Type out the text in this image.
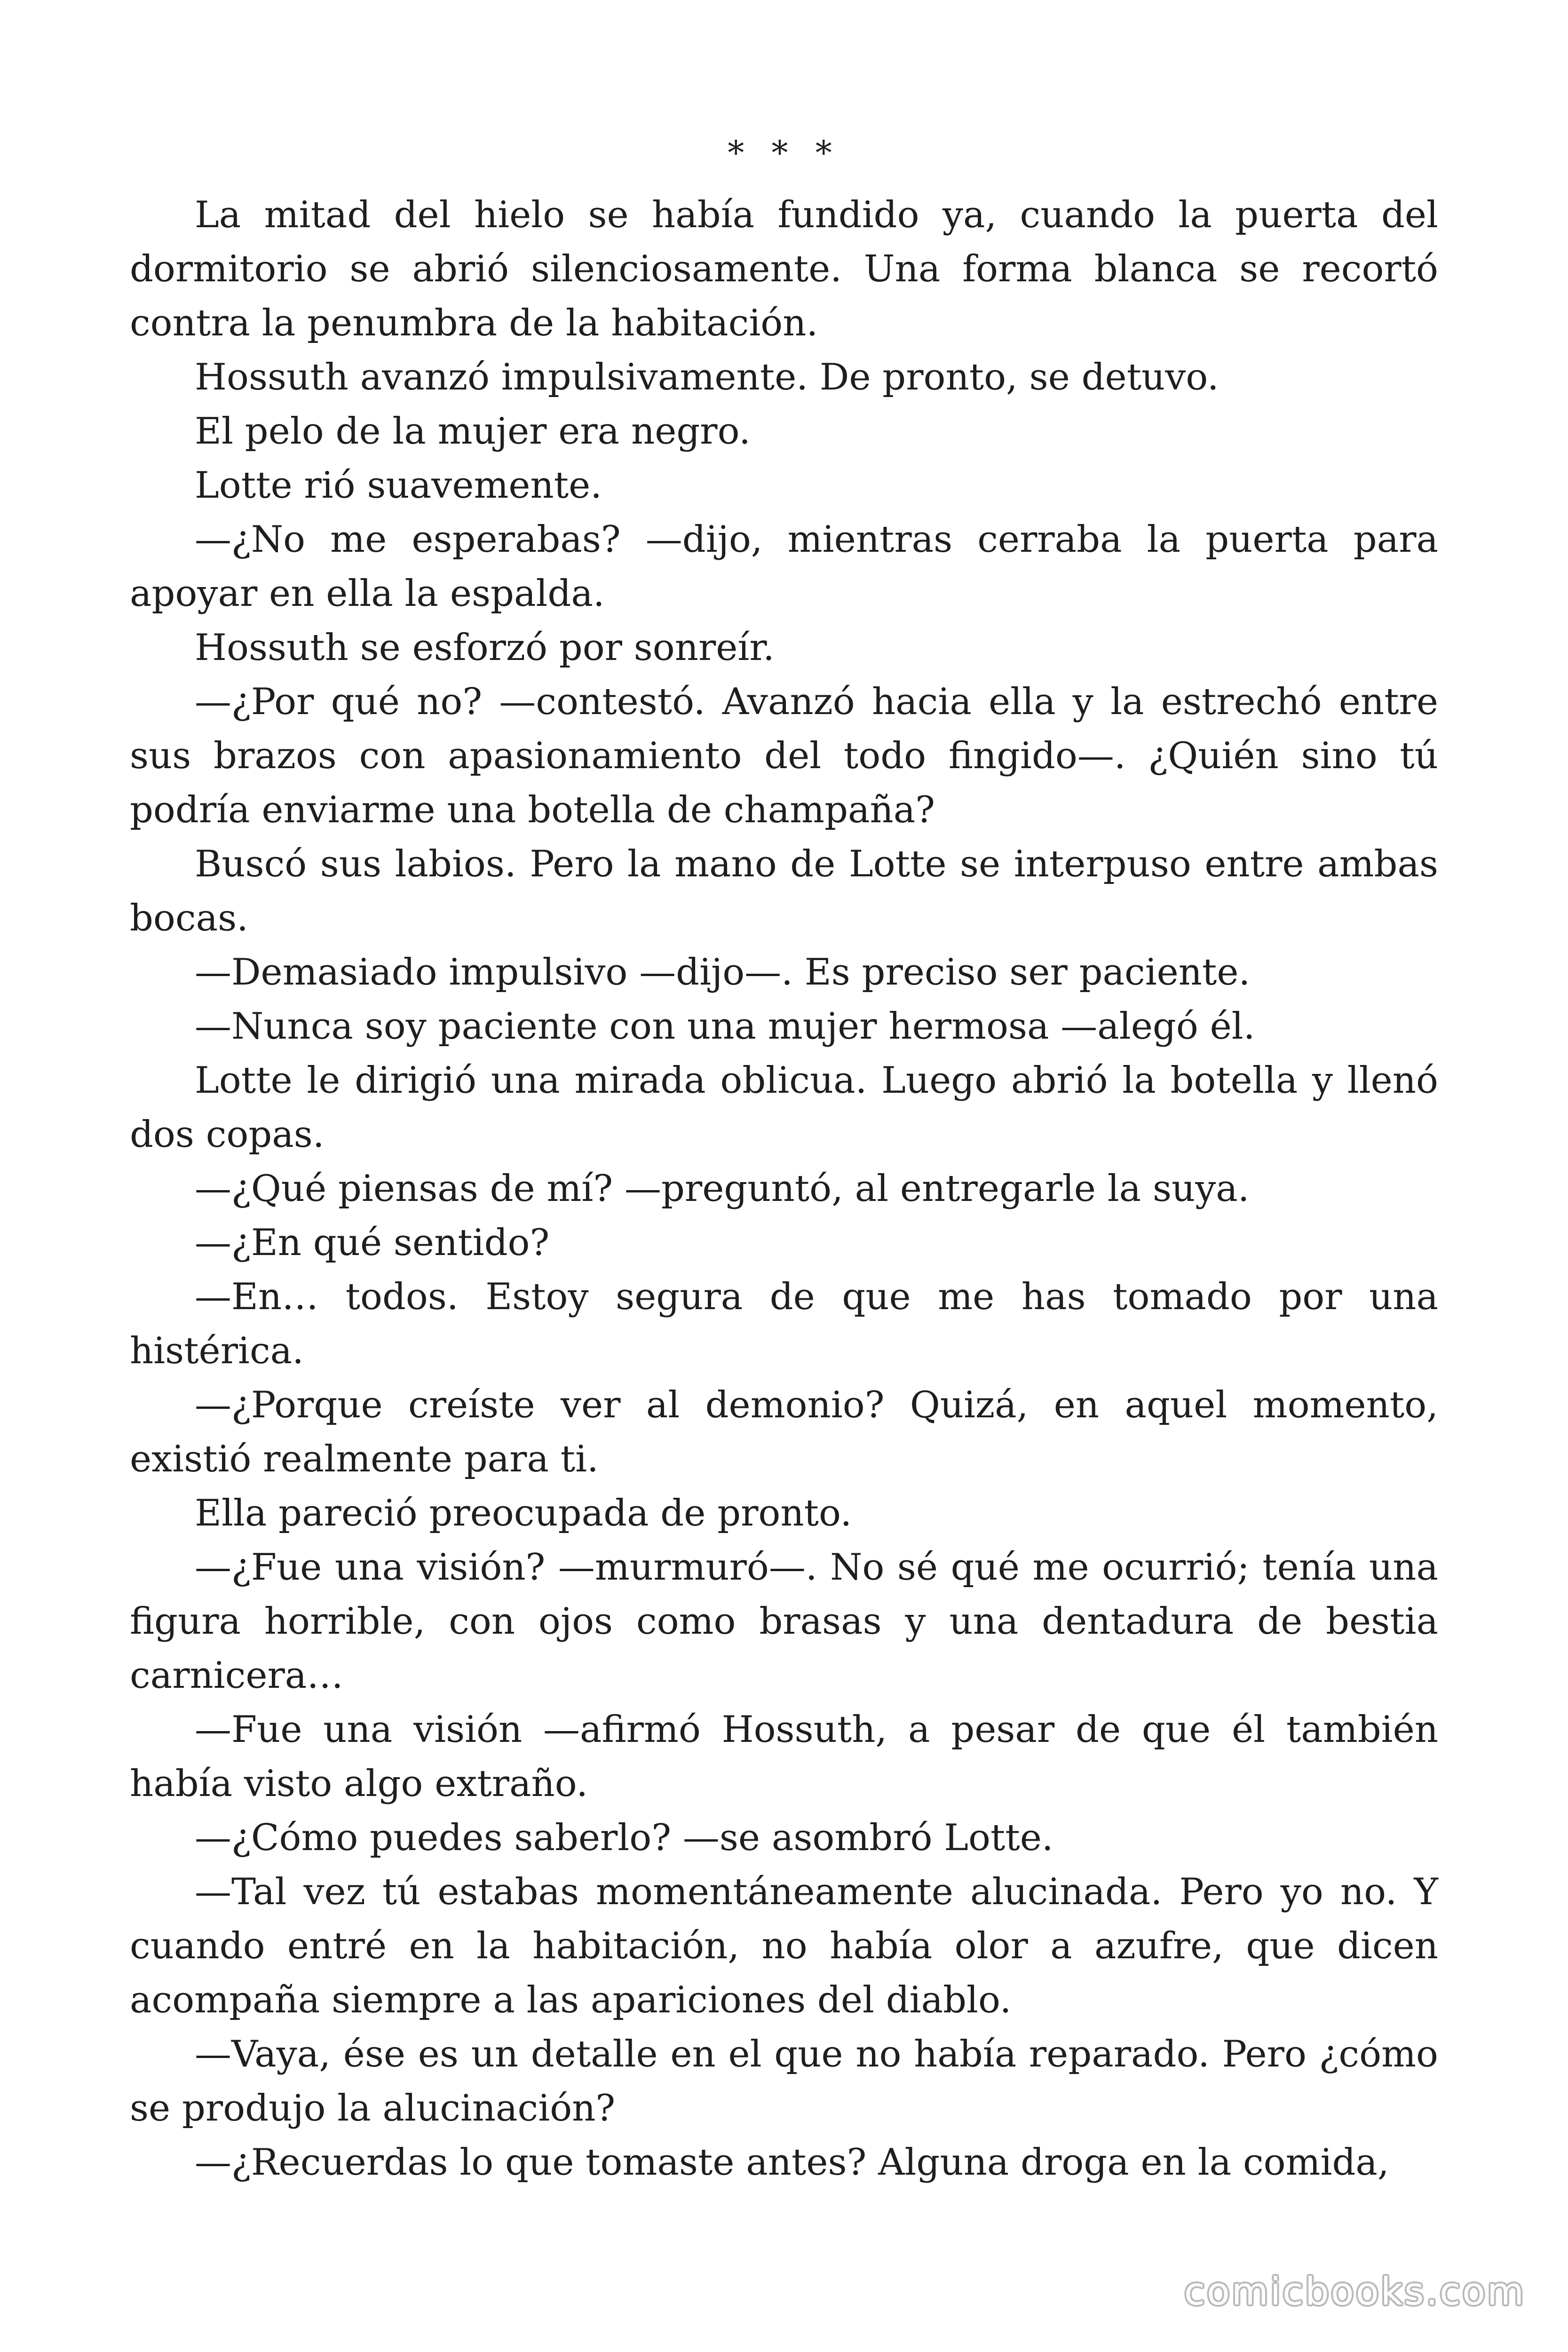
* * *

La mitad del hielo se había fundido ya, cuando la puerta del dormitorio se abrió silenciosamente. Una forma blanca se recortó contra la penumbra de la habitación.

Hossuth avanzó impulsivamente. De pronto, se detuvo.

El pelo de la mujer era negro.

Lotte rió suavemente.

—¿No me esperabas? —dijo, mientras cerraba la puerta para apoyar en ella la espalda.

Hossuth se esforzó por sonreír.

—¿Por qué no? —contestó. Avanzó hacia ella y la estrechó entre sus brazos con apasionamiento del todo fingido—. ¿Quién sino tú podría enviarme una botella de champaña?

Buscó sus labios. Pero la mano de Lotte se interpuso entre ambas bocas.

—Demasiado impulsivo —dijo—. Es preciso ser paciente.

—Nunca soy paciente con una mujer hermosa —alegó él.

Lotte le dirigió una mirada oblicua. Luego abrió la botella y llenó dos copas.

—¿Qué piensas de mí? —preguntó, al entregarle la suya.

—¿En qué sentido?

—En… todos. Estoy segura de que me has tomado por una histérica.

—¿Porque creíste ver al demonio? Quizá, en aquel momento, existió realmente para ti.

Ella pareció preocupada de pronto.

—¿Fue una visión? —murmuró—. No sé qué me ocurrió; tenía una figura horrible, con ojos como brasas y una dentadura de bestia carnicera…

—Fue una visión —afirmó Hossuth, a pesar de que él también había visto algo extraño.

—¿Cómo puedes saberlo? —se asombró Lotte.

—Tal vez tú estabas momentáneamente alucinada. Pero yo no. Y cuando entré en la habitación, no había olor a azufre, que dicen acompaña siempre a las apariciones del diablo.

—Vaya, ése es un detalle en el que no había reparado. Pero ¿cómo se produjo la alucinación?

—¿Recuerdas lo que tomaste antes? Alguna droga en la comida,

comicbooks.com
